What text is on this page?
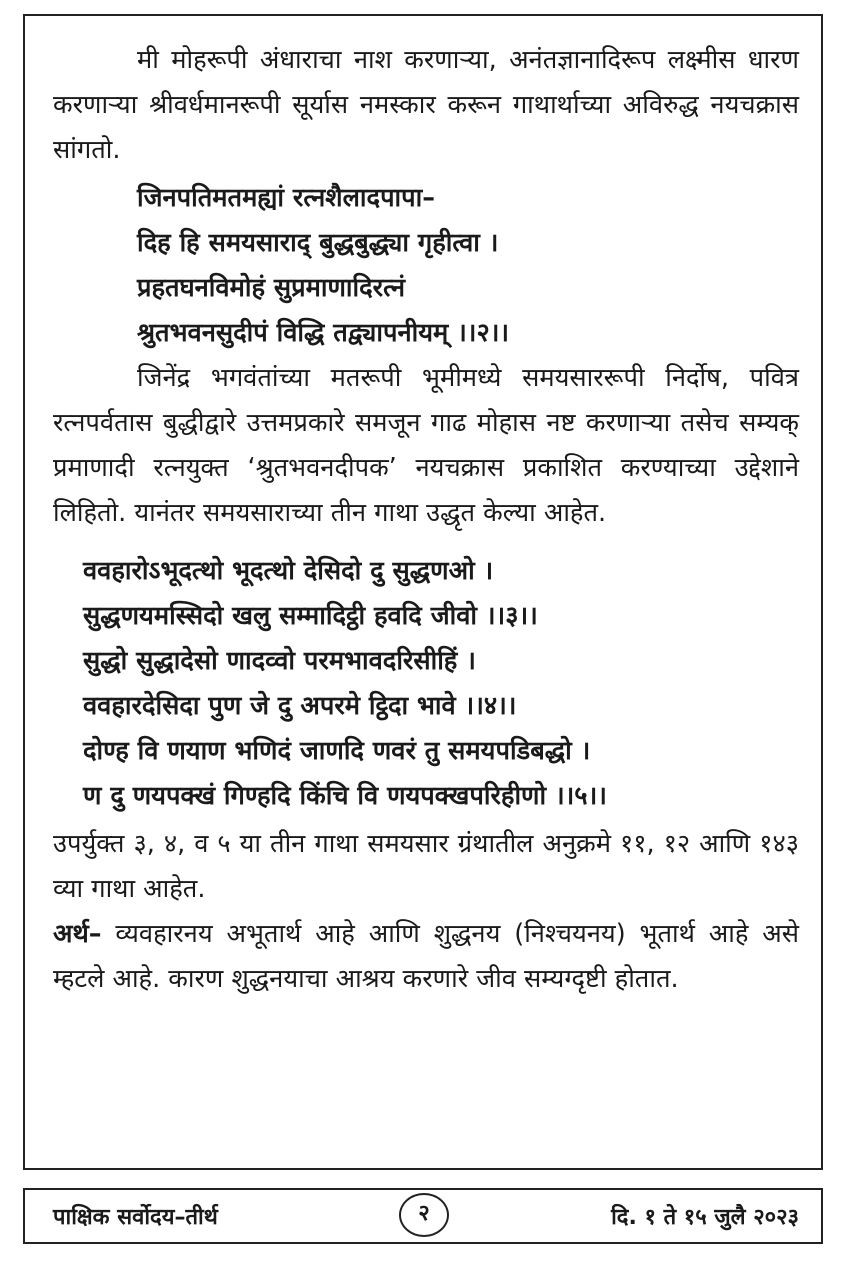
मी मोहरूपी अंधाराचा नाश करणाऱ्या, अनंतज्ञानादिरूप लक्ष्मीस धारण करणाऱ्या श्रीवर्धमानरूपी सूर्यास नमस्कार करून गाथार्थाच्या अविरुद्ध नयचक्रास सांगतो.

जिनपतिमतमह्यां रत्नशैलादपापा–

दिह हि समयसाराद् बुद्धबुद्ध्या गृहीत्वा ।

प्रहतघनविमोहं सुप्रमाणादिरत्नं

श्रुतभवनसुदीपं विद्धि तद्व्यापनीयम् ।।२।।

जिनेंद्र भगवंतांच्या मतरूपी भूमीमध्ये समयसाररूपी निर्दोष, पवित्र रत्नपर्वतास बुद्धीद्वारे उत्तमप्रकारे समजून गाढ मोहास नष्ट करणाऱ्या तसेच सम्यक् प्रमाणादी रत्नयुक्त ‘श्रुतभवनदीपक’ नयचक्रास प्रकाशित करण्याच्या उद्देशाने लिहितो. यानंतर समयसाराच्या तीन गाथा उद्धृत केल्या आहेत.

ववहारोऽभूदत्थो भूदत्थो देसिदो दु सुद्धणओ ।

सुद्धणयमस्सिदो खलु सम्मादिट्ठी हवदि जीवो ।।३।।

सुद्धो सुद्धादेसो णादव्वो परमभावदरिसीहिं ।

ववहारदेसिदा पुण जे दु अपरमे ट्ठिदा भावे ।।४।।

दोण्ह वि णयाण भणिदं जाणदि णवरं तु समयपडिबद्धो ।

ण दु णयपक्खं गिण्हदि किंचि वि णयपक्खपरिहीणो ।।५।।

उपर्युक्त ३, ४, व ५ या तीन गाथा समयसार ग्रंथातील अनुक्रमे ११, १२ आणि १४३ व्या गाथा आहेत.

अर्थ– व्यवहारनय अभूतार्थ आहे आणि शुद्धनय (निश्चयनय) भूतार्थ आहे असे म्हटले आहे. कारण शुद्धनयाचा आश्रय करणारे जीव सम्यग्दृष्टी होतात.

पाक्षिक सर्वोदय–तीर्थ	२	दि. १ ते १५ जुलै २०२३
